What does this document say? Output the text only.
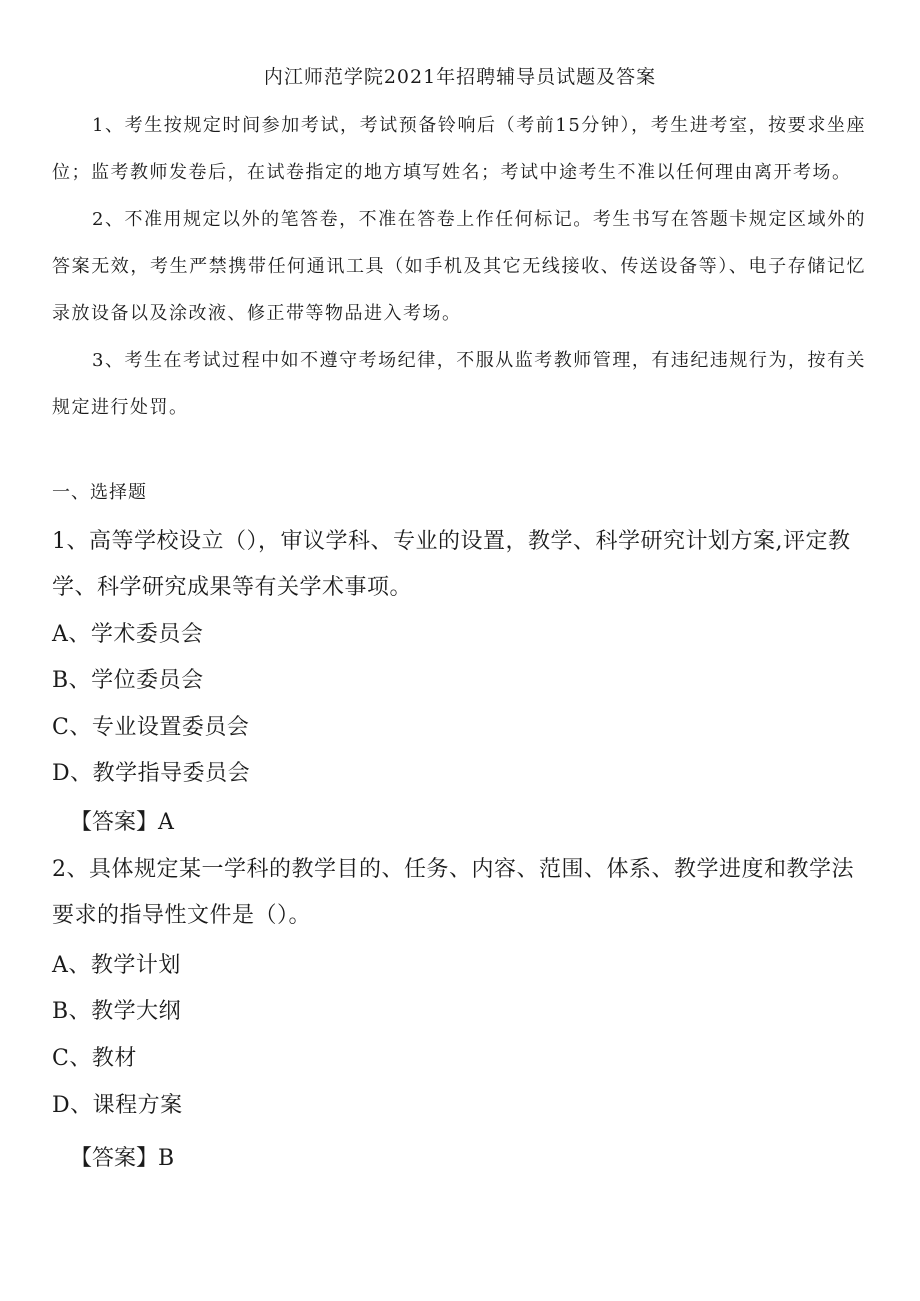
内江师范学院2021年招聘辅导员试题及答案

1、考生按规定时间参加考试，考试预备铃响后（考前15分钟），考生进考室，按要求坐座位；监考教师发卷后，在试卷指定的地方填写姓名；考试中途考生不准以任何理由离开考场。

2、不准用规定以外的笔答卷，不准在答卷上作任何标记。考生书写在答题卡规定区域外的答案无效，考生严禁携带任何通讯工具（如手机及其它无线接收、传送设备等）、电子存储记忆录放设备以及涂改液、修正带等物品进入考场。

3、考生在考试过程中如不遵守考场纪律，不服从监考教师管理，有违纪违规行为，按有关规定进行处罚。

一、选择题
1、高等学校设立（），审议学科、专业的设置，教学、科学研究计划方案,评定教学、科学研究成果等有关学术事项。
A、学术委员会
B、学位委员会
C、专业设置委员会
D、教学指导委员会
【答案】A
2、具体规定某一学科的教学目的、任务、内容、范围、体系、教学进度和教学法要求的指导性文件是（）。
A、教学计划
B、教学大纲
C、教材
D、课程方案
【答案】B
